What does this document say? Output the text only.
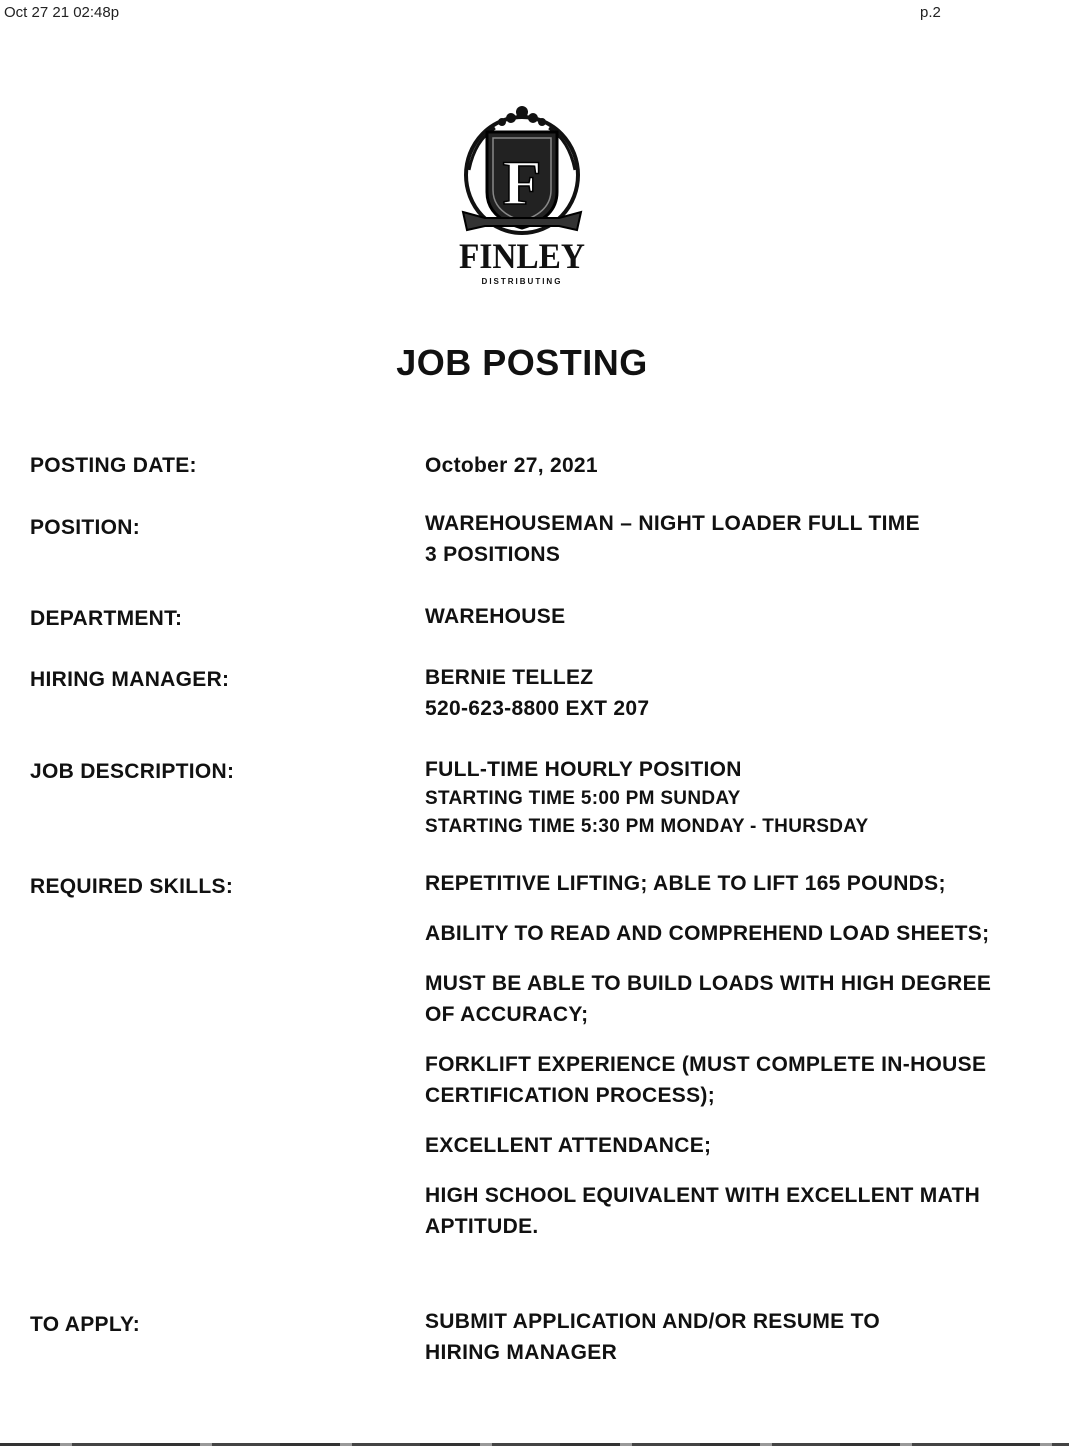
Oct 27 21 02:48p	p.2
F
FINLEY
DISTRIBUTING
JOB POSTING
POSTING DATE:	October 27, 2021
POSITION:	WAREHOUSEMAN – NIGHT LOADER FULL TIME
3 POSITIONS
DEPARTMENT:	WAREHOUSE
HIRING MANAGER:	BERNIE TELLEZ
520-623-8800 EXT 207
JOB DESCRIPTION:	FULL-TIME HOURLY POSITION
STARTING TIME 5:00 PM SUNDAY
STARTING TIME 5:30 PM MONDAY - THURSDAY
REQUIRED SKILLS:	REPETITIVE LIFTING; ABLE TO LIFT 165 POUNDS;
ABILITY TO READ AND COMPREHEND LOAD SHEETS;
MUST BE ABLE TO BUILD LOADS WITH HIGH DEGREE OF ACCURACY;
FORKLIFT EXPERIENCE (MUST COMPLETE IN-HOUSE CERTIFICATION PROCESS);
EXCELLENT ATTENDANCE;
HIGH SCHOOL EQUIVALENT WITH EXCELLENT MATH APTITUDE.
TO APPLY:	SUBMIT APPLICATION AND/OR RESUME TO
HIRING MANAGER
